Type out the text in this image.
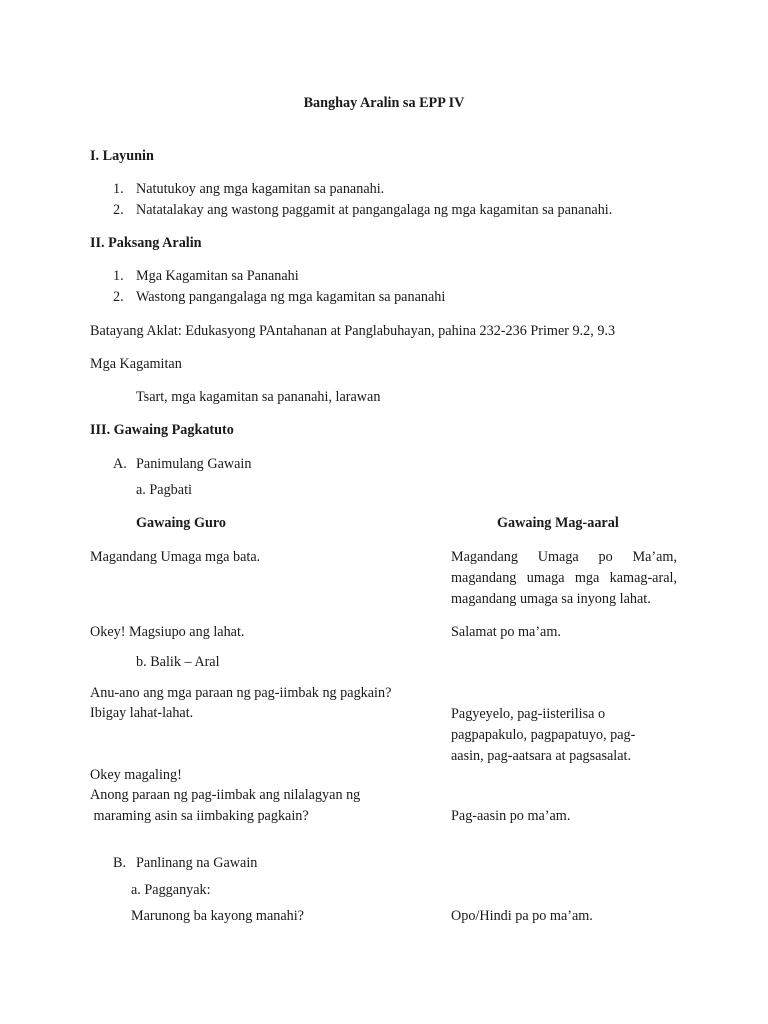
Banghay Aralin sa EPP IV
I. Layunin
1. Natutukoy ang mga kagamitan sa pananahi.
2. Natatalakay ang wastong paggamit at pangangalaga ng mga kagamitan sa pananahi.
II. Paksang Aralin
1. Mga Kagamitan sa Pananahi
2. Wastong pangangalaga ng mga kagamitan sa pananahi
Batayang Aklat: Edukasyong PAntahanan at Panglabuhayan, pahina 232-236 Primer 9.2, 9.3
Mga Kagamitan
Tsart, mga kagamitan sa pananahi, larawan
III. Gawaing Pagkatuto
A. Panimulang Gawain
a. Pagbati
Gawaing Guro	Gawaing Mag-aaral
Magandang Umaga mga bata.	Magandang Umaga po Ma’am,
magandang umaga mga kamag-aral,
magandang umaga sa inyong lahat.
Okey! Magsiupo ang lahat.	Salamat po ma’am.
b. Balik – Aral
Anu-ano ang mga paraan ng pag-iimbak ng pagkain?
Ibigay lahat-lahat.	Pagyeyelo, pag-iisterilisa o
pagpapakulo, pagpapatuyo, pag-
aasin, pag-aatsara at pagsasalat.
Okey magaling!
Anong paraan ng pag-iimbak ang nilalagyan ng
maraming asin sa iimbaking pagkain?	Pag-aasin po ma’am.
B. Panlinang na Gawain
a. Pagganyak:
Marunong ba kayong manahi?	Opo/Hindi pa po ma’am.
